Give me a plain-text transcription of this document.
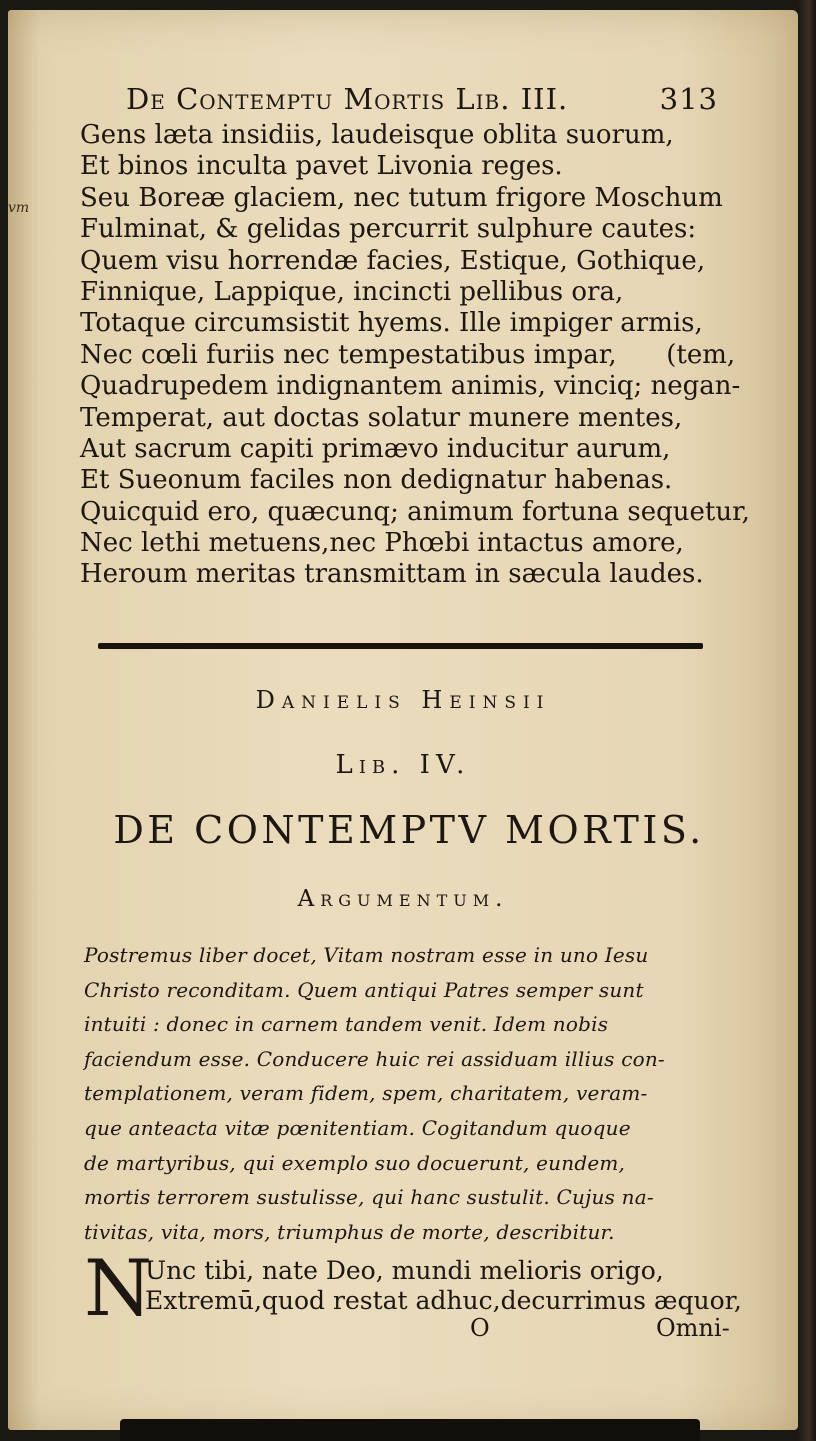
De Contemptu Mortis Lib. III.	313
vm
Gens læta insidiis, laudeisque oblita suorum,
Et binos inculta pavet Livonia reges.
Seu Boreæ glaciem, nec tutum frigore Moschum
Fulminat, & gelidas percurrit sulphure cautes:
Quem visu horrendæ facies, Estique, Gothique,
Finnique, Lappique, incincti pellibus ora,
Totaque circumsistit hyems. Ille impiger armis,
Nec cœli furiis nec tempestatibus impar,      (tem,
Quadrupedem indignantem animis, vinciq; negan-
Temperat, aut doctas solatur munere mentes,
Aut sacrum capiti primævo inducitur aurum,
Et Sueonum faciles non dedignatur habenas.
Quicquid ero, quæcunq; animum fortuna sequetur,
Nec lethi metuens,nec Phœbi intactus amore,
Heroum meritas transmittam in sæcula laudes.
Danielis Heinsii
Lib. IV.
DE CONTEMPTV MORTIS.
Argumentum.
Postremus liber docet, Vitam nostram esse in uno Iesu
Christo reconditam. Quem antiqui Patres semper sunt
intuiti : donec in carnem tandem venit. Idem nobis
faciendum esse. Conducere huic rei assiduam illius con-
templationem, veram fidem, spem, charitatem, veram-
que anteacta vitæ pœnitentiam. Cogitandum quoque
de martyribus, qui exemplo suo docuerunt, eundem,
mortis terrorem sustulisse, qui hanc sustulit. Cujus na-
tivitas, vita, mors, triumphus de morte, describitur.
N
Unc tibi, nate Deo, mundi melioris origo,
Extremū,quod restat adhuc,decurrimus æquor,
O	Omni-
